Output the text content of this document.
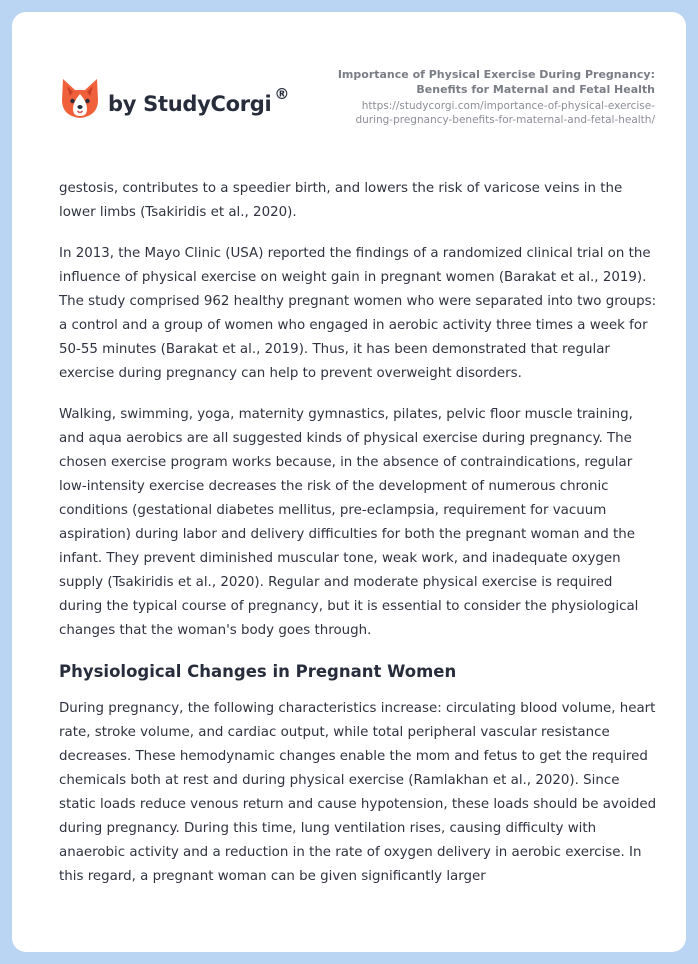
by StudyCorgi ®
Importance of Physical Exercise During Pregnancy: Benefits for Maternal and Fetal Health
https://studycorgi.com/importance-of-physical-exercise-during-pregnancy-benefits-for-maternal-and-fetal-health/

gestosis, contributes to a speedier birth, and lowers the risk of varicose veins in the lower limbs (Tsakiridis et al., 2020).

In 2013, the Mayo Clinic (USA) reported the findings of a randomized clinical trial on the influence of physical exercise on weight gain in pregnant women (Barakat et al., 2019). The study comprised 962 healthy pregnant women who were separated into two groups: a control and a group of women who engaged in aerobic activity three times a week for 50-55 minutes (Barakat et al., 2019). Thus, it has been demonstrated that regular exercise during pregnancy can help to prevent overweight disorders.

Walking, swimming, yoga, maternity gymnastics, pilates, pelvic floor muscle training, and aqua aerobics are all suggested kinds of physical exercise during pregnancy. The chosen exercise program works because, in the absence of contraindications, regular low-intensity exercise decreases the risk of the development of numerous chronic conditions (gestational diabetes mellitus, pre-eclampsia, requirement for vacuum aspiration) during labor and delivery difficulties for both the pregnant woman and the infant. They prevent diminished muscular tone, weak work, and inadequate oxygen supply (Tsakiridis et al., 2020). Regular and moderate physical exercise is required during the typical course of pregnancy, but it is essential to consider the physiological changes that the woman's body goes through.

Physiological Changes in Pregnant Women

During pregnancy, the following characteristics increase: circulating blood volume, heart rate, stroke volume, and cardiac output, while total peripheral vascular resistance decreases. These hemodynamic changes enable the mom and fetus to get the required chemicals both at rest and during physical exercise (Ramlakhan et al., 2020). Since static loads reduce venous return and cause hypotension, these loads should be avoided during pregnancy. During this time, lung ventilation rises, causing difficulty with anaerobic activity and a reduction in the rate of oxygen delivery in aerobic exercise. In this regard, a pregnant woman can be given significantly larger
